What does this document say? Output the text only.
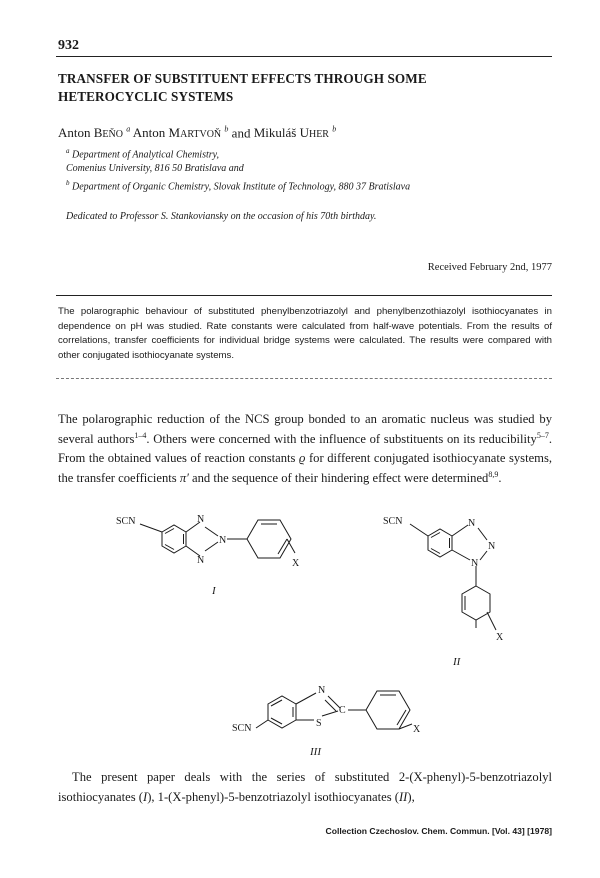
932
TRANSFER OF SUBSTITUENT EFFECTS THROUGH SOME
HETEROCYCLIC SYSTEMS
Anton BEŇO $^a$ Anton MARTVOŇ $^b$ and Mikuláš UHER $^b$
$^a$ Department of Analytical Chemistry,
Comenius University, 816 50 Bratislava and
$^b$ Department of Organic Chemistry, Slovak Institute of Technology, 880 37 Bratislava
Dedicated to Professor S. Stankoviansky on the occasion of his 70th birthday.
Received February 2nd, 1977
The polarographic behaviour of substituted phenylbenzotriazolyl and phenylbenzothiazolyl isothiocyanates in dependence on pH was studied. Rate constants were calculated from half-wave potentials. From the results of correlations, transfer coefficients for individual bridge systems were calculated. The results were compared with other conjugated isothiocyanate systems.
The polarographic reduction of the NCS group bonded to an aromatic nucleus was studied by several authors$^{1-4}$. Others were concerned with the influence of substituents on its reducibility$^{5-7}$. From the obtained values of reaction constants ϱ for different conjugated isothiocyanate systems, the transfer coefficients π′ and the sequence of their hindering effect were determined$^{8,9}$.
SCN	N
N
N	X
I
SCN	N
N
N
X
II
SCN
N
S
C
X
III
The present paper deals with the series of substituted 2-(X-phenyl)-5-benzotriazolyl isothiocyanates (I), 1-(X-phenyl)-5-benzotriazolyl isothiocyanates (II),
Collection Czechoslov. Chem. Commun. [Vol. 43] [1978]
